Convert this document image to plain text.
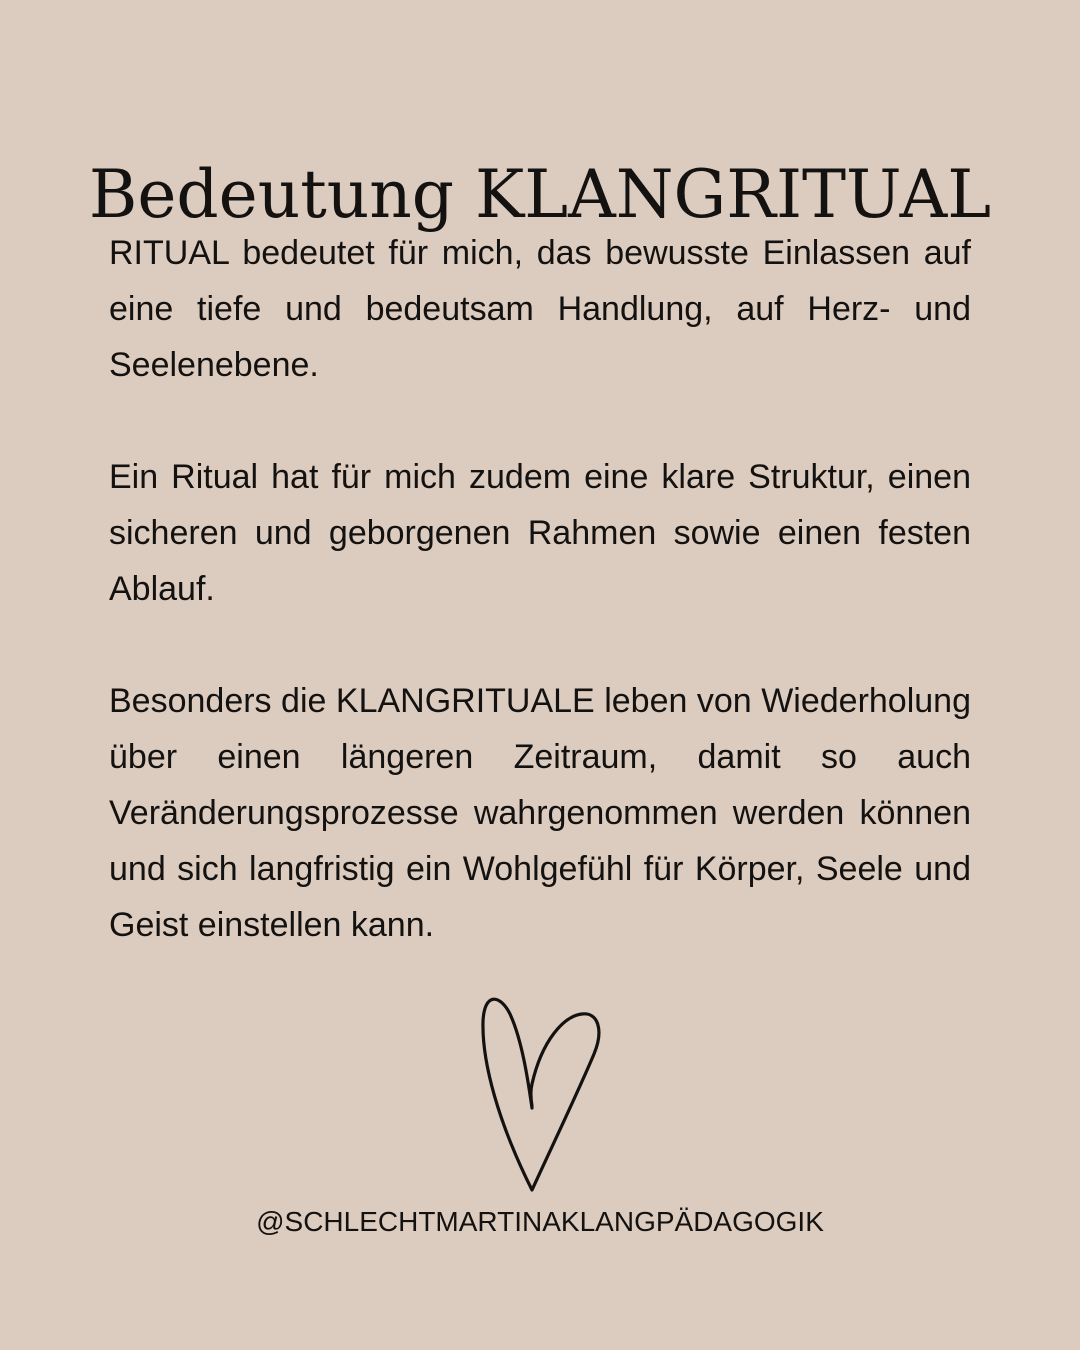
Bedeutung KLANGRITUAL

RITUAL bedeutet für mich, das bewusste Einlassen auf eine tiefe und bedeutsam Handlung, auf Herz- und Seelenebene.

Ein Ritual hat für mich zudem eine klare Struktur, einen sicheren und geborgenen Rahmen sowie einen festen Ablauf.

Besonders die KLANGRITUALE leben von Wiederholung über einen längeren Zeitraum, damit so auch Veränderungsprozesse wahrgenommen werden können und sich langfristig ein Wohlgefühl für Körper, Seele und Geist einstellen kann.

@SCHLECHTMARTINAKLANGPÄDAGOGIK
